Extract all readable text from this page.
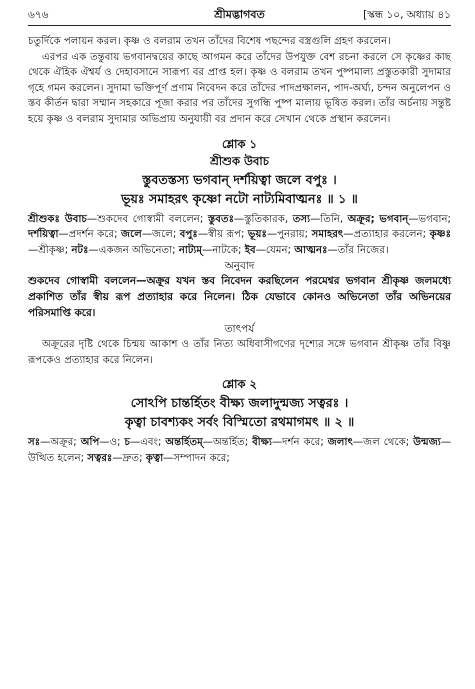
৬৭৬	শ্রীমদ্ভাগবত	[স্কন্ধ ১০, অধ্যায় ৪১

চতুর্দিকে পলায়ন করল। কৃষ্ণ ও বলরাম তখন তাঁদের বিশেষ পছন্দের বস্ত্রগুলি গ্রহণ করলেন।

এরপর এক তন্তুবায় ভগবানদ্বয়ের কাছে আগমন করে তাঁদের উপযুক্ত বেশ রচনা করলে সে কৃষ্ণের কাছ থেকে ঐহিক ঐশ্বর্য ও দেহাবসানে সারূপ্য বর প্রাপ্ত হল। কৃষ্ণ ও বলরাম তখন পুষ্পমাল্য প্রস্তুতকারী সুদামার গৃহে গমন করলেন। সুদামা ভক্তিপূর্ণ প্রণাম নিবেদন করে তাঁদের পাদপ্রক্ষালন, পাদ-অর্ঘ্য, চন্দন অনুলেপন ও স্তব কীর্তন দ্বারা সম্মান সহকারে পূজা করার পর তাঁদের সুগন্ধি পুষ্প মালায় ভূষিত করল। তাঁর অর্চনায় সন্তুষ্ট হয়ে কৃষ্ণ ও বলরাম সুদামার অভিপ্রায় অনুযায়ী বর প্রদান করে সেখান থেকে প্রস্থান করলেন।

শ্লোক ১
শ্রীশুক উবাচ
স্তুবতস্তস্য ভগবান্ দর্শয়িত্বা জলে বপুঃ ।
ভূয়ঃ সমাহরৎ কৃষ্ণো নটো নাট্যমিবাত্মনঃ ॥ ১ ॥

শ্রীশুকঃ উবাচ—শুকদেব গোস্বামী বললেন; স্তুবতঃ—স্তুতিকারক, তস্য—তিনি, অক্রূর; ভগবান্—ভগবান; দর্শয়িত্বা—প্রদর্শন করে; জলে—জলে; বপুঃ—স্বীয় রূপ; ভূয়ঃ—পুনরায়; সমাহরৎ—প্রত্যাহার করলেন; কৃষ্ণঃ—শ্রীকৃষ্ণ; নটঃ—একজন অভিনেতা; নাট্যম্—নাটকে; ইব—যেমন; আত্মনঃ—তাঁর নিজের।

অনুবাদ

শুকদেব গোস্বামী বললেন—অক্রূর যখন স্তব নিবেদন করছিলেন পরমেশ্বর ভগবান শ্রীকৃষ্ণ জলমধ্যে প্রকাশিত তাঁর স্বীয় রূপ প্রত্যাহার করে নিলেন। ঠিক যেভাবে কোনও অভিনেতা তাঁর অভিনয়ের পরিসমাপ্তি করে।

তাৎপর্য

অক্রূরের দৃষ্টি থেকে চিন্ময় আকাশ ও তাঁর নিত্য অধিবাসীগণের দৃশ্যের সঙ্গে ভগবান শ্রীকৃষ্ণ তাঁর বিষ্ণু রূপকেও প্রত্যাহার করে নিলেন।

শ্লোক ২
সোঽপি চান্তর্হিতং বীক্ষ্য জলাদুন্মজ্য সত্বরঃ ।
কৃত্বা চাবশ্যকং সর্বং বিস্মিতো রথমাগমৎ ॥ ২ ॥

সঃ—অক্রূর; অপি—ও; চ—এবং; অন্তর্হিতম্—অন্তর্হিত; বীক্ষ্য—দর্শন করে; জলাৎ—জল থেকে; উন্মজ্য—উত্থিত হলেন; সত্বরঃ—দ্রুত; কৃত্বা—সম্পাদন করে;
